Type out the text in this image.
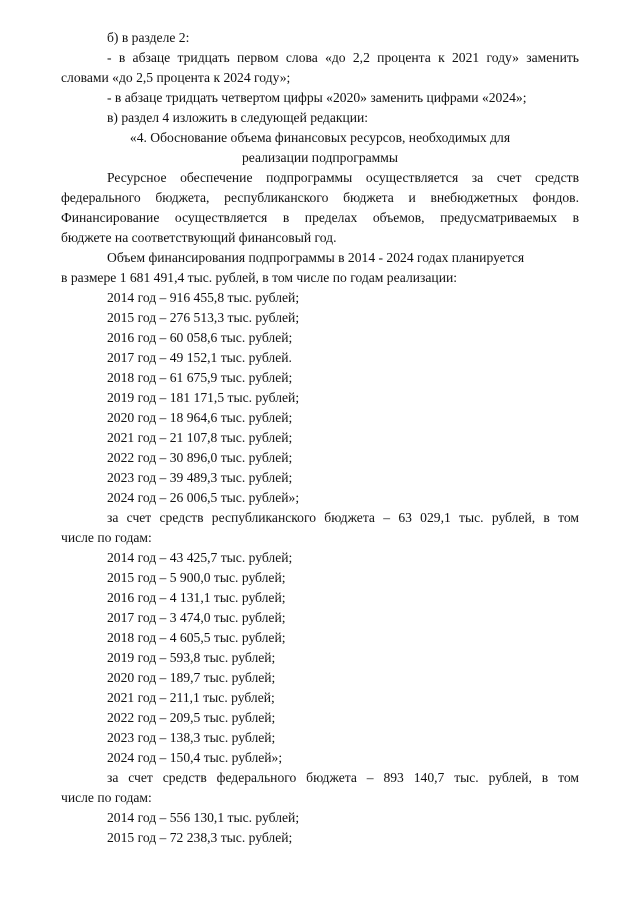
б) в разделе 2:
- в абзаце тридцать первом слова «до 2,2 процента к 2021 году» заменить
словами «до 2,5 процента к 2024 году»;
- в абзаце тридцать четвертом цифры «2020» заменить цифрами «2024»;
в) раздел 4 изложить в следующей редакции:
«4. Обоснование объема финансовых ресурсов, необходимых для
реализации подпрограммы
Ресурсное обеспечение подпрограммы осуществляется за счет средств
федерального бюджета, республиканского бюджета и внебюджетных фондов.
Финансирование осуществляется в пределах объемов, предусматриваемых в
бюджете на соответствующий финансовый год.
Объем финансирования подпрограммы в 2014 - 2024 годах планируется
в размере 1 681 491,4 тыс. рублей, в том числе по годам реализации:
2014 год – 916 455,8 тыс. рублей;
2015 год – 276 513,3 тыс. рублей;
2016 год – 60 058,6 тыс. рублей;
2017 год – 49 152,1 тыс. рублей.
2018 год – 61 675,9 тыс. рублей;
2019 год – 181 171,5 тыс. рублей;
2020 год – 18 964,6 тыс. рублей;
2021 год – 21 107,8 тыс. рублей;
2022 год – 30 896,0 тыс. рублей;
2023 год – 39 489,3 тыс. рублей;
2024 год – 26 006,5 тыс. рублей»;
за счет средств республиканского бюджета – 63 029,1 тыс. рублей, в том
числе по годам:
2014 год – 43 425,7 тыс. рублей;
2015 год – 5 900,0 тыс. рублей;
2016 год – 4 131,1 тыс. рублей;
2017 год – 3 474,0 тыс. рублей;
2018 год – 4 605,5 тыс. рублей;
2019 год – 593,8 тыс. рублей;
2020 год – 189,7 тыс. рублей;
2021 год – 211,1 тыс. рублей;
2022 год – 209,5 тыс. рублей;
2023 год – 138,3 тыс. рублей;
2024 год – 150,4 тыс. рублей»;
за счет средств федерального бюджета – 893 140,7 тыс. рублей, в том
числе по годам:
2014 год – 556 130,1 тыс. рублей;
2015 год – 72 238,3 тыс. рублей;
